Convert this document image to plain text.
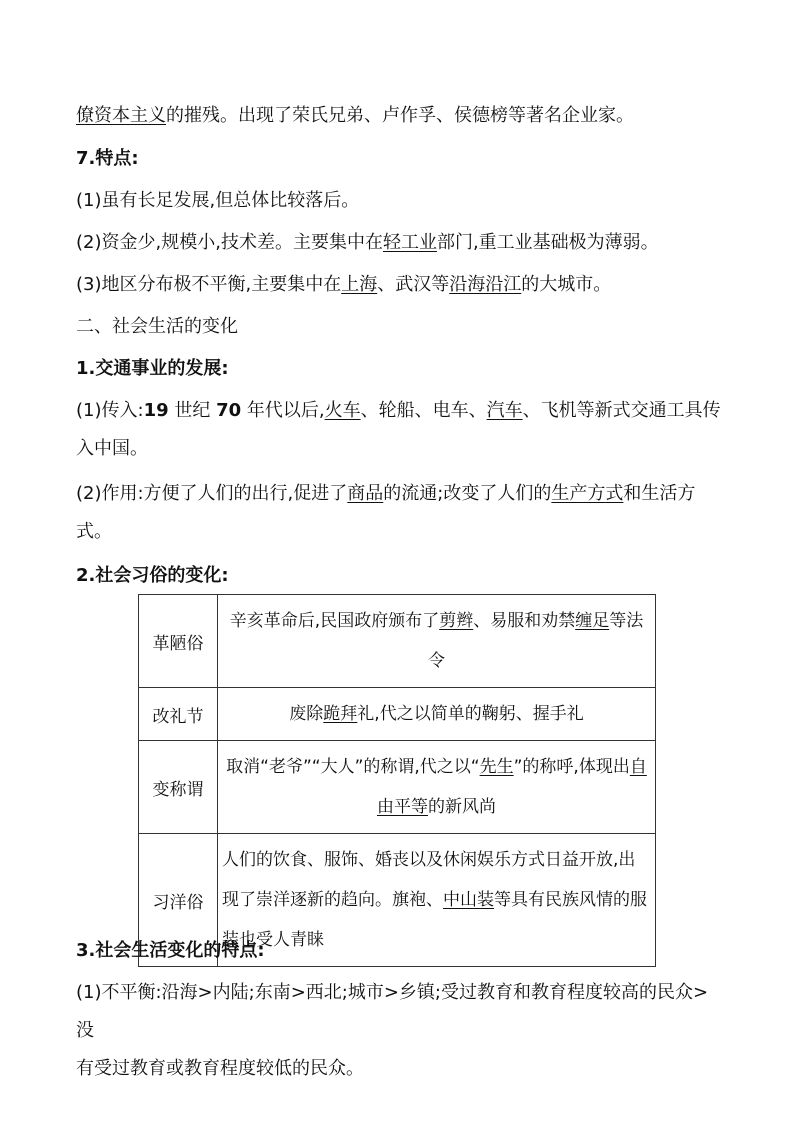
僚资本主义的摧残。出现了荣氏兄弟、卢作孚、侯德榜等著名企业家。
7.特点:
(1)虽有长足发展,但总体比较落后。
(2)资金少,规模小,技术差。主要集中在轻工业部门,重工业基础极为薄弱。
(3)地区分布极不平衡,主要集中在上海、武汉等沿海沿江的大城市。
二、社会生活的变化
1.交通事业的发展:
(1)传入:19 世纪 70 年代以后,火车、轮船、电车、汽车、飞机等新式交通工具传
入中国。
(2)作用:方便了人们的出行,促进了商品的流通;改变了人们的生产方式和生活方
式。
2.社会习俗的变化:
革陋俗	辛亥革命后,民国政府颁布了剪辫、易服和劝禁缠足等法令
改礼节	废除跪拜礼,代之以简单的鞠躬、握手礼
变称谓	取消“老爷”“大人”的称谓,代之以“先生”的称呼,体现出自由平等的新风尚
习洋俗	人们的饮食、服饰、婚丧以及休闲娱乐方式日益开放,出现了崇洋逐新的趋向。旗袍、中山装等具有民族风情的服装也受人青睐
3.社会生活变化的特点:
(1)不平衡:沿海>内陆;东南>西北;城市>乡镇;受过教育和教育程度较高的民众>没
有受过教育或教育程度较低的民众。
